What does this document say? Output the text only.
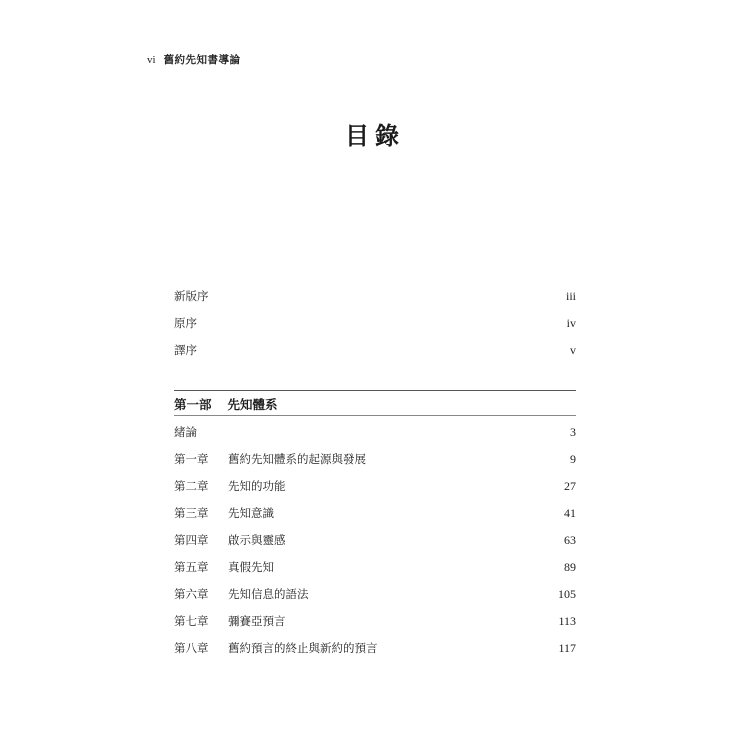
vi 舊約先知書導論
目錄
新版序	iii
原序	iv
譯序	v
第一部 先知體系
緒論	3
第一章 舊約先知體系的起源與發展	9
第二章 先知的功能	27
第三章 先知意識	41
第四章 啟示與靈感	63
第五章 真假先知	89
第六章 先知信息的語法	105
第七章 彌賽亞預言	113
第八章 舊約預言的終止與新約的預言	117
